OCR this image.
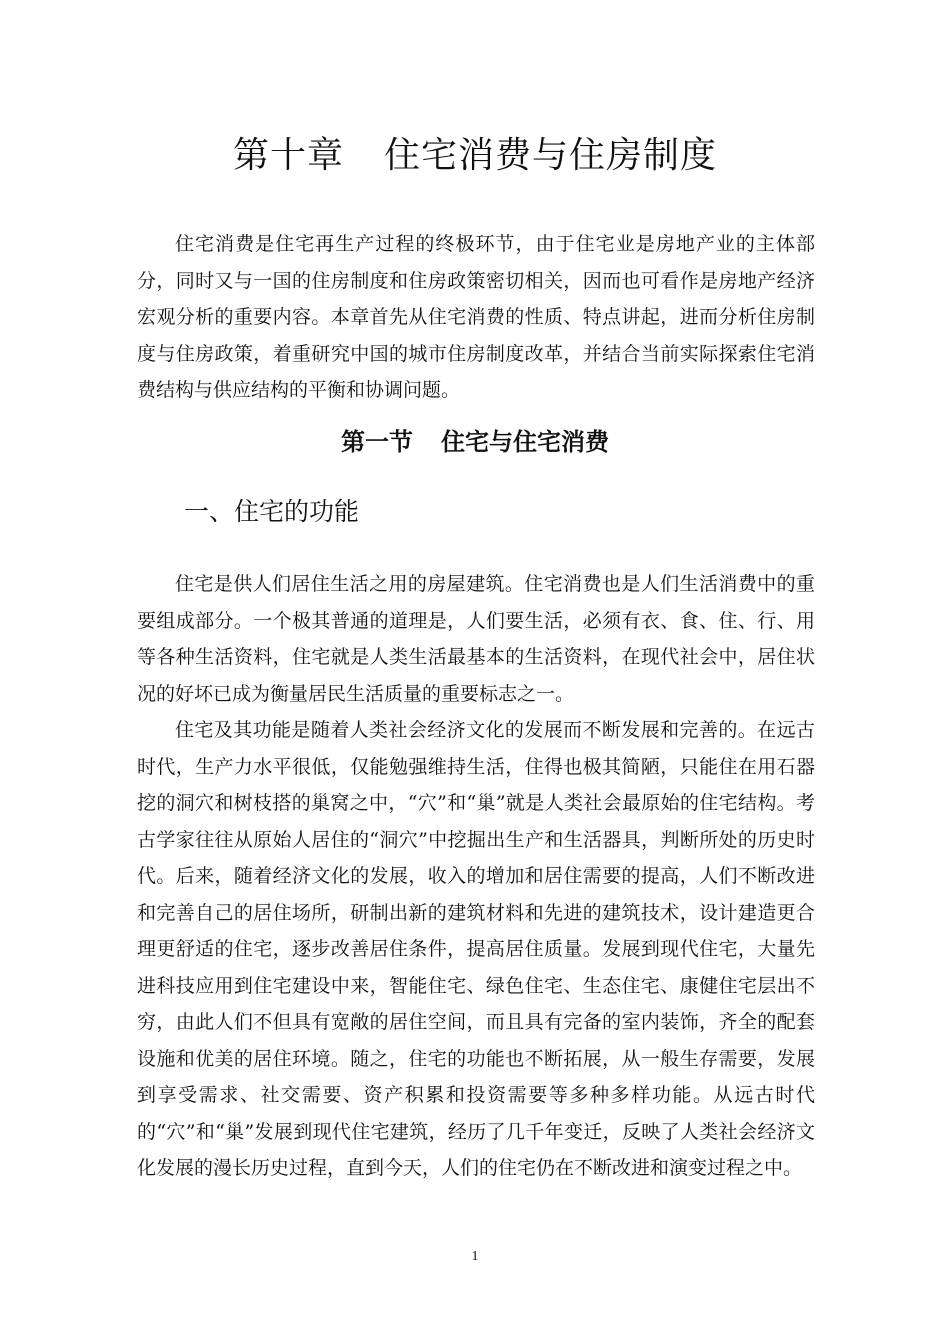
第十章 住宅消费与住房制度

住宅消费是住宅再生产过程的终极环节，由于住宅业是房地产业的主体部分，同时又与一国的住房制度和住房政策密切相关，因而也可看作是房地产经济宏观分析的重要内容。本章首先从住宅消费的性质、特点讲起，进而分析住房制度与住房政策，着重研究中国的城市住房制度改革，并结合当前实际探索住宅消费结构与供应结构的平衡和协调问题。

第一节 住宅与住宅消费
一、住宅的功能

住宅是供人们居住生活之用的房屋建筑。住宅消费也是人们生活消费中的重要组成部分。一个极其普通的道理是，人们要生活，必须有衣、食、住、行、用等各种生活资料，住宅就是人类生活最基本的生活资料，在现代社会中，居住状况的好坏已成为衡量居民生活质量的重要标志之一。

住宅及其功能是随着人类社会经济文化的发展而不断发展和完善的。在远古时代，生产力水平很低，仅能勉强维持生活，住得也极其简陋，只能住在用石器挖的洞穴和树枝搭的巢窝之中，“穴”和“巢”就是人类社会最原始的住宅结构。考古学家往往从原始人居住的“洞穴”中挖掘出生产和生活器具，判断所处的历史时代。后来，随着经济文化的发展，收入的增加和居住需要的提高，人们不断改进和完善自己的居住场所，研制出新的建筑材料和先进的建筑技术，设计建造更合理更舒适的住宅，逐步改善居住条件，提高居住质量。发展到现代住宅，大量先进科技应用到住宅建设中来，智能住宅、绿色住宅、生态住宅、康健住宅层出不穷，由此人们不但具有宽敞的居住空间，而且具有完备的室内装饰，齐全的配套设施和优美的居住环境。随之，住宅的功能也不断拓展，从一般生存需要，发展到享受需求、社交需要、资产积累和投资需要等多种多样功能。从远古时代的“穴”和“巢”发展到现代住宅建筑，经历了几千年变迁，反映了人类社会经济文化发展的漫长历史过程，直到今天，人们的住宅仍在不断改进和演变过程之中。

1
